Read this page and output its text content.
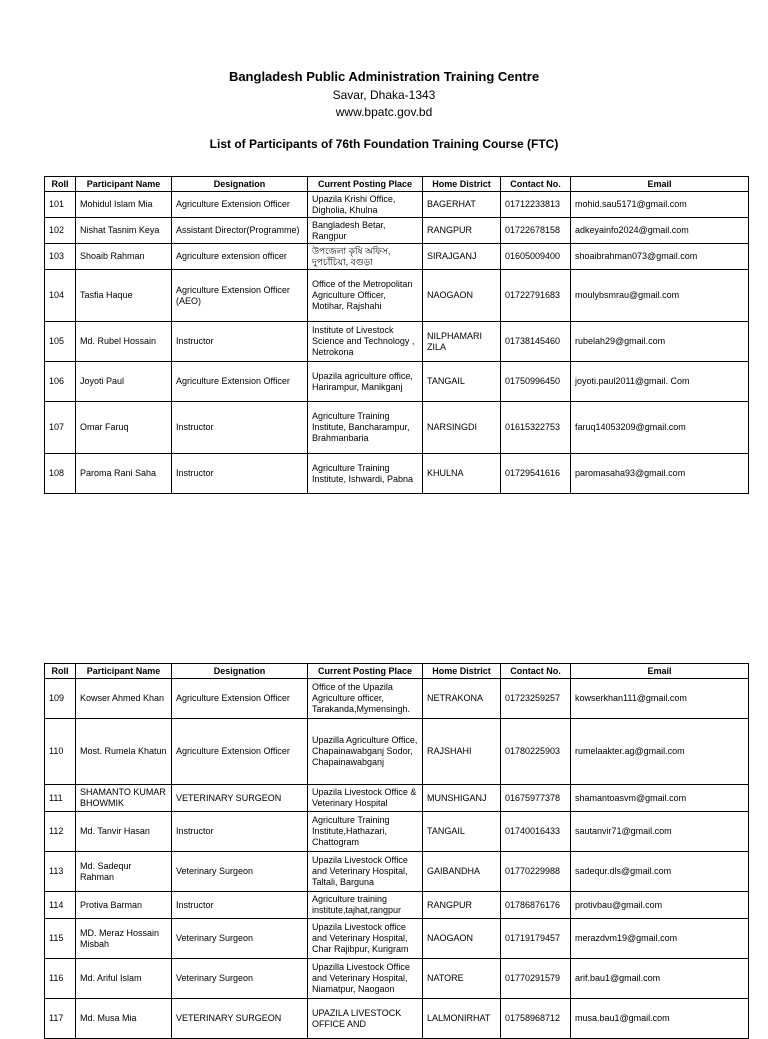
Bangladesh Public Administration Training Centre
Savar, Dhaka-1343
www.bpatc.gov.bd
List of Participants of 76th Foundation Training Course (FTC)
Roll	Participant Name	Designation	Current Posting Place	Home District	Contact No.	Email
101	Mohidul Islam Mia	Agriculture Extension Officer	Upazila Krishi Office, Digholia, Khulna	BAGERHAT	01712233813	mohid.sau5171@gmail.com
102	Nishat Tasnim Keya	Assistant Director(Programme)	Bangladesh Betar, Rangpur	RANGPUR	01722678158	adkeyainfo2024@gmail.com
103	Shoaib Rahman	Agriculture extension officer	উপজেলা কৃষি অফিস, দুপচাঁচিয়া, বগুড়া	SIRAJGANJ	01605009400	shoaibrahman073@gmail.com
104	Tasfia Haque	Agriculture Extension Officer (AEO)	Office of the Metropolitan Agriculture Officer, Motihar, Rajshahi	NAOGAON	01722791683	moulybsmrau@gmail.com
105	Md. Rubel Hossain	Instructor	Institute of Livestock Science and Technology , Netrokona	NILPHAMARI ZILA	01738145460	rubelah29@gmail.com
106	Joyoti Paul	Agriculture Extension Officer	Upazila agriculture office, Harirampur, Manikganj	TANGAIL	01750996450	joyoti.paul2011@gmail. Com
107	Omar Faruq	Instructor	Agriculture Training Institute, Bancharampur, Brahmanbaria	NARSINGDI	01615322753	faruq14053209@gmail.com
108	Paroma Rani Saha	Instructor	Agriculture Training Institute, Ishwardi, Pabna	KHULNA	01729541616	paromasaha93@gmail.com
Roll	Participant Name	Designation	Current Posting Place	Home District	Contact No.	Email
109	Kowser Ahmed Khan	Agriculture Extension Officer	Office of the Upazila Agriculture officer, Tarakanda,Mymensingh.	NETRAKONA	01723259257	kowserkhan111@gmail.com
110	Most. Rumela Khatun	Agriculture Extension Officer	Upazilla Agriculture Office, Chapainawabganj Sodor, Chapainawabganj	RAJSHAHI	01780225903	rumelaakter.ag@gmail.com
111	SHAMANTO KUMAR BHOWMIK	VETERINARY SURGEON	Upazila Livestock Office & Veterinary Hospital	MUNSHIGANJ	01675977378	shamantoasvm@gmail.com
112	Md. Tanvir Hasan	Instructor	Agriculture Training Institute,Hathazari, Chattogram	TANGAIL	01740016433	sautanvir71@gmail.com
113	Md. Sadequr Rahman	Veterinary Surgeon	Upazila Livestock Office and Veterinary Hospital, Taltali, Barguna	GAIBANDHA	01770229988	sadequr.dls@gmail.com
114	Protiva Barman	Instructor	Agriculture training institute,tajhat,rangpur	RANGPUR	01786876176	protivbau@gmail.com
115	MD. Meraz Hossain Misbah	Veterinary Surgeon	Upazila Livestock office and Veterinary Hospital, Char Rajibpur, Kurigram	NAOGAON	01719179457	merazdvm19@gmail.com
116	Md. Ariful Islam	Veterinary Surgeon	Upazilla Livestock Office and Veterinary Hospital, Niamatpur, Naogaon	NATORE	01770291579	arif.bau1@gmail.com
117	Md. Musa Mia	VETERINARY SURGEON	UPAZILA LIVESTOCK OFFICE AND	LALMONIRHAT	01758968712	musa.bau1@gmail.com
